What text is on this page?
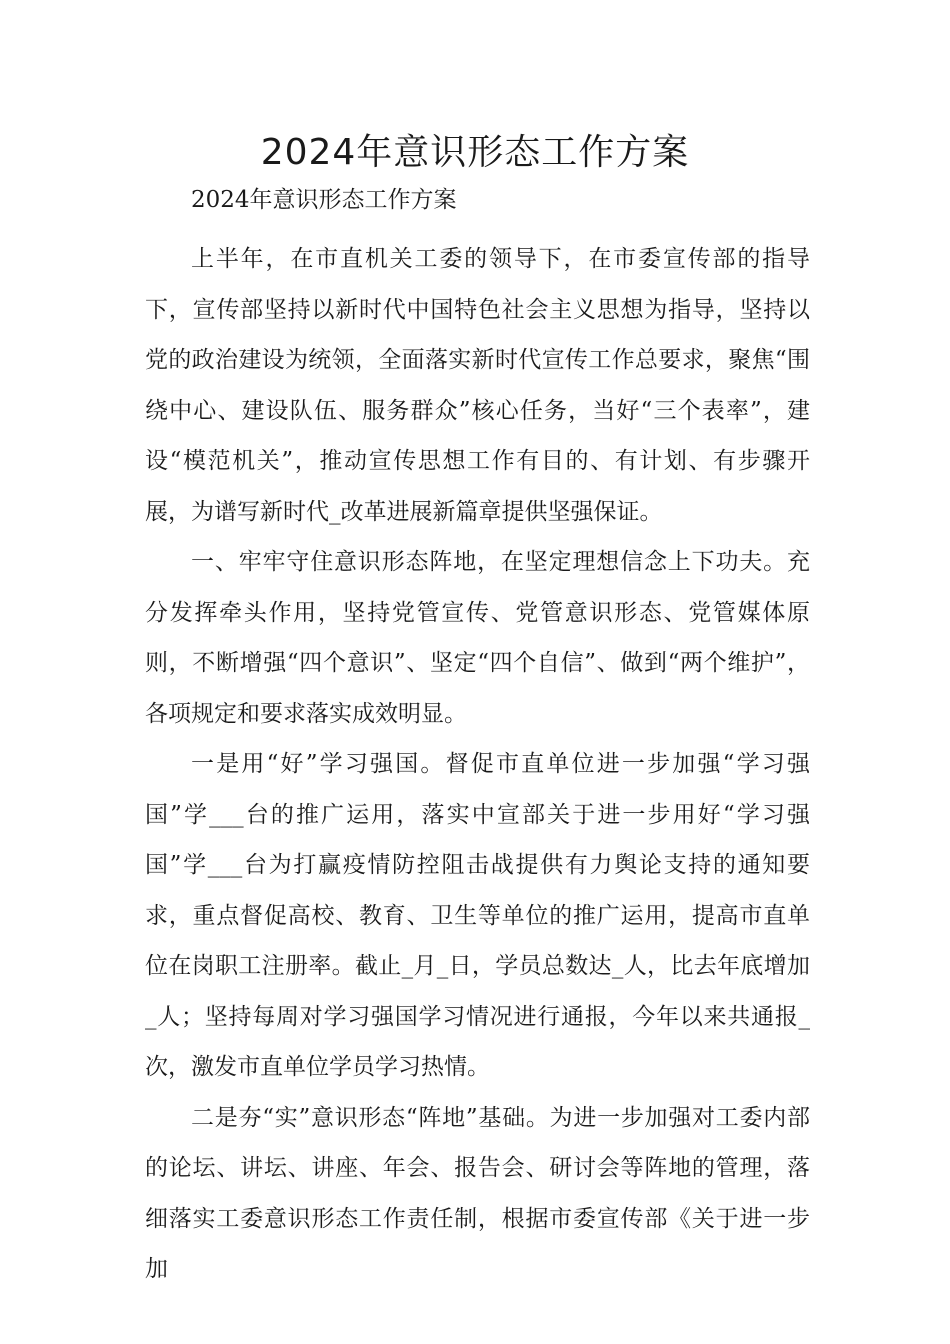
2024年意识形态工作方案

2024年意识形态工作方案

上半年，在市直机关工委的领导下，在市委宣传部的指导下，宣传部坚持以新时代中国特色社会主义思想为指导，坚持以党的政治建设为统领，全面落实新时代宣传工作总要求，聚焦“围绕中心、建设队伍、服务群众”核心任务，当好“三个表率”，建设“模范机关”，推动宣传思想工作有目的、有计划、有步骤开展，为谱写新时代_改革进展新篇章提供坚强保证。

一、牢牢守住意识形态阵地，在坚定理想信念上下功夫。充分发挥牵头作用，坚持党管宣传、党管意识形态、党管媒体原则，不断增强“四个意识”、坚定“四个自信”、做到“两个维护”，各项规定和要求落实成效明显。

一是用“好”学习强国。督促市直单位进一步加强“学习强国”学___台的推广运用，落实中宣部关于进一步用好“学习强国”学___台为打赢疫情防控阻击战提供有力舆论支持的通知要求，重点督促高校、教育、卫生等单位的推广运用，提高市直单位在岗职工注册率。截止_月_日，学员总数达_人，比去年底增加_人；坚持每周对学习强国学习情况进行通报，今年以来共通报_次，激发市直单位学员学习热情。

二是夯“实”意识形态“阵地”基础。为进一步加强对工委内部的论坛、讲坛、讲座、年会、报告会、研讨会等阵地的管理，落细落实工委意识形态工作责任制，根据市委宣传部《关于进一步加
